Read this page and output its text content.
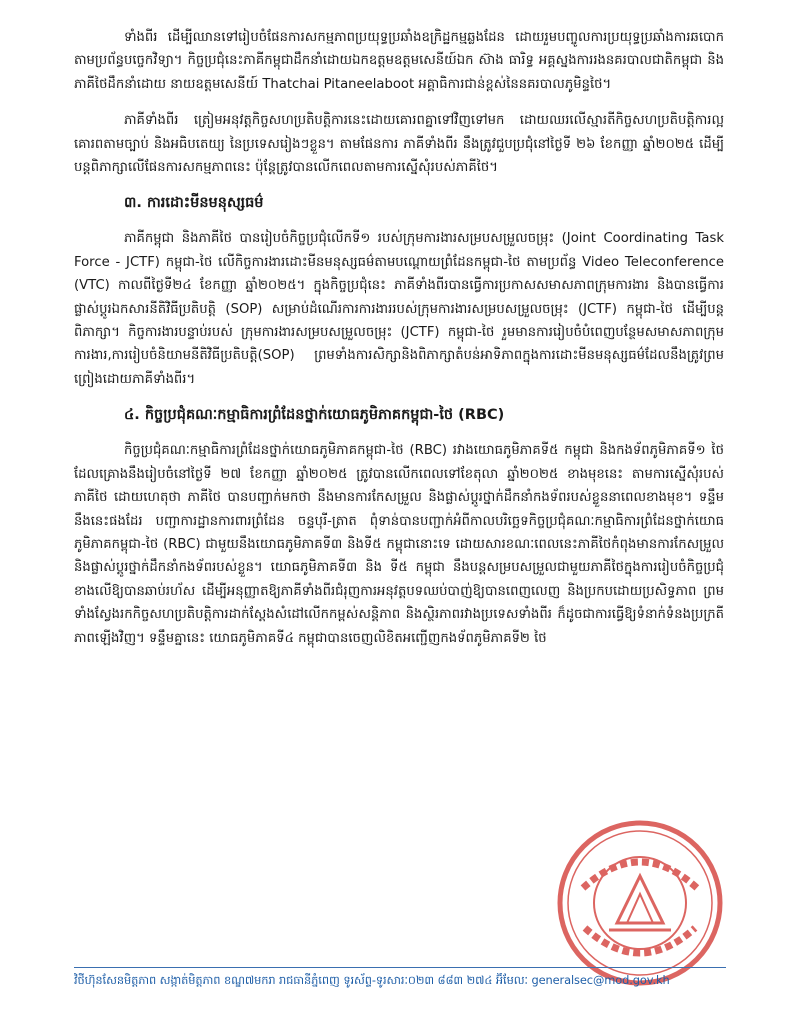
ទាំងពីរ ដើម្បីឈានទៅរៀបចំផែនការសកម្មភាពប្រយុទ្ធប្រឆាំងឧក្រិដ្ឋកម្មឆ្លងដែន ដោយរួមបញ្ចូលការប្រយុទ្ធប្រឆាំងការឆបោកតាមប្រព័ន្ធបច្ចេកវិទ្យា។ កិច្ចប្រជុំនេះភាគីកម្ពុជាដឹកនាំដោយឯកឧត្តមឧត្តមសេនីយ៍ឯក ស៊ាង ធារិទ្ធ អគ្គស្នងការរងនគរបាលជាតិកម្ពុជា និងភាគីថៃដឹកនាំដោយ នាយឧត្តមសេនីយ៍ Thatchai Pitaneelaboot អគ្គាធិការជាន់ខ្ពស់នៃនគរបាលភូមិន្ទថៃ។

ភាគីទាំងពីរ ត្រៀមអនុវត្តកិច្ចសហប្រតិបត្តិការនេះដោយគោរពគ្នាទៅវិញទៅមក ដោយឈរលើស្មារតីកិច្ចសហប្រតិបត្តិការល្អ គោរពតាមច្បាប់ និងអធិបតេយ្យ នៃប្រទេសរៀងៗខ្លួន។ តាមផែនការ ភាគីទាំងពីរ នឹងត្រូវជួបប្រជុំនៅថ្ងៃទី ២៦ ខែកញ្ញា ឆ្នាំ២០២៥ ដើម្បីបន្តពិភាក្សាលើផែនការសកម្មភាពនេះ ប៉ុន្តែត្រូវបានលើកពេលតាមការស្នើសុំរបស់ភាគីថៃ។

៣. ការដោះមីនមនុស្សធម៌

ភាគីកម្ពុជា និងភាគីថៃ បានរៀបចំកិច្ចប្រជុំលើកទី១ របស់ក្រុមការងារសម្របសម្រួលចម្រុះ (Joint Coordinating Task Force - JCTF) កម្ពុជា-ថៃ លើកិច្ចការងារដោះមីនមនុស្សធម៌តាមបណ្ដោយព្រំដែនកម្ពុជា-ថៃ តាមប្រព័ន្ធ Video Teleconference (VTC) កាលពីថ្ងៃទី២៤ ខែកញ្ញា ឆ្នាំ២០២៥។ ក្នុងកិច្ចប្រជុំនេះ ភាគីទាំងពីរបានធ្វើការប្រកាសសមាសភាពក្រុមការងារ និងបានធ្វើការផ្លាស់ប្ដូរឯកសារនីតិវិធីប្រតិបត្តិ (SOP) សម្រាប់ដំណើរការការងាររបស់ក្រុមការងារសម្របសម្រួលចម្រុះ (JCTF) កម្ពុជា-ថៃ ដើម្បីបន្តពិភាក្សា។ កិច្ចការងារបន្ទាប់របស់ ក្រុមការងារសម្របសម្រួលចម្រុះ (JCTF) កម្ពុជា-ថៃ រួមមានការរៀបចំបំពេញបន្ថែមសមាសភាពក្រុមការងារ,ការរៀបចំនិយាមនីតិវិធីប្រតិបត្តិ(SOP) ព្រមទាំងការសិក្សានិងពិភាក្សាតំបន់អាទិភាពក្នុងការដោះមីនមនុស្សធម៌ដែលនឹងត្រូវព្រមព្រៀងដោយភាគីទាំងពីរ។

៤. កិច្ចប្រជុំគណៈកម្មាធិការព្រំដែនថ្នាក់យោធភូមិភាគកម្ពុជា-ថៃ (RBC)

កិច្ចប្រជុំគណៈកម្មាធិការព្រំដែនថ្នាក់យោធភូមិភាគកម្ពុជា-ថៃ (RBC) រវាងយោធភូមិភាគទី៥ កម្ពុជា និងកងទ័ពភូមិភាគទី១ ថៃ ដែលគ្រោងនឹងរៀបចំនៅថ្ងៃទី ២៧ ខែកញ្ញា ឆ្នាំ២០២៥ ត្រូវបានលើកពេលទៅខែតុលា ឆ្នាំ២០២៥ ខាងមុខនេះ តាមការស្នើសុំរបស់ភាគីថៃ ដោយហេតុថា ភាគីថៃ បានបញ្ជាក់មកថា នឹងមានការកែសម្រួល និងផ្លាស់ប្តូរថ្នាក់ដឹកនាំកងទ័ពរបស់ខ្លួននាពេលខាងមុខ។ ទន្ទឹមនឹងនេះផងដែរ បញ្ជាការដ្ឋានការពារព្រំដែន ចន្ទបុរី-ត្រាត ពុំទាន់បានបញ្ជាក់អំពីកាលបរិច្ឆេទកិច្ចប្រជុំគណៈកម្មាធិការព្រំដែនថ្នាក់យោធភូមិភាគកម្ពុជា-ថៃ (RBC) ជាមួយនឹងយោធភូមិភាគទី៣ និងទី៥ កម្ពុជានោះទេ ដោយសារខណៈពេលនេះភាគីថៃកំពុងមានការកែសម្រួលនិងផ្លាស់ប្តូរថ្នាក់ដឹកនាំកងទ័ពរបស់ខ្លួន។ យោធភូមិភាគទី៣ និង ទី៥ កម្ពុជា នឹងបន្តសម្របសម្រួលជាមួយភាគីថៃក្នុងការរៀបចំកិច្ចប្រជុំខាងលើឱ្យបានឆាប់រហ័ស ដើម្បីអនុញ្ញាតឱ្យភាគីទាំងពីរជំរុញការអនុវត្តបទឈប់បាញ់ឱ្យបានពេញលេញ និងប្រកបដោយប្រសិទ្ធភាព ព្រមទាំងស្វែងរកកិច្ចសហប្រតិបត្តិការដាក់ស្តែងសំដៅលើកកម្ពស់សន្តិភាព និងស្ថិរភាពរវាងប្រទេសទាំងពីរ ក៏ដូចជាការធ្វើឱ្យទំនាក់ទំនងប្រក្រតីភាពឡើងវិញ។ ទន្ទឹមគ្នានេះ យោធភូមិភាគទី៤ កម្ពុជាបានចេញលិខិតអញ្ជើញកងទ័ពភូមិភាគទី២ ថៃ

វិថីហ៊ុនសែនមិត្តភាព សង្កាត់មិត្តភាព ខណ្ឌ៧មករា រាជធានីភ្នំពេញ ទូរស័ព្ទ-ទូរសារៈ០២៣ ៨៨៣ ២៧៤ អ៊ីមែលៈ generalsec@mod.gov.kh
